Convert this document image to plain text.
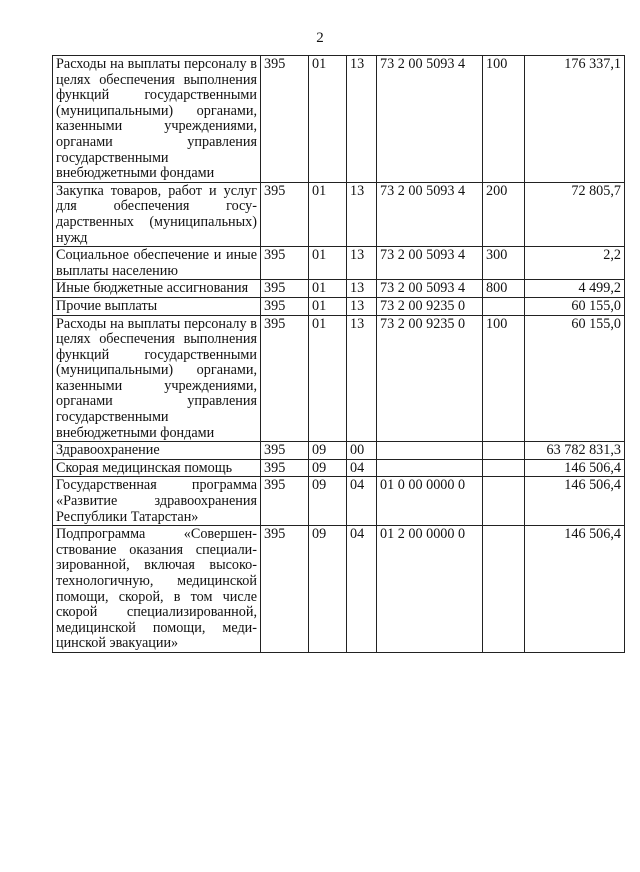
2
Расходы на выплаты персоналу в целях обеспечения выполнения функций государственными (муниципальными) органами, казенными учреждениями, органами управления государственными внебюджетными фондами	395	01	13	73 2 00 5093 4	100	176 337,1
Закупка товаров, работ и услуг для обеспечения государственных (муниципальных) нужд	395	01	13	73 2 00 5093 4	200	72 805,7
Социальное обеспечение и иные выплаты населению	395	01	13	73 2 00 5093 4	300	2,2
Иные бюджетные ассигнования	395	01	13	73 2 00 5093 4	800	4 499,2
Прочие выплаты	395	01	13	73 2 00 9235 0		60 155,0
Расходы на выплаты персоналу в целях обеспечения выполнения функций государственными (муниципальными) органами, казенными учреждениями, органами управления государственными внебюджетными фондами	395	01	13	73 2 00 9235 0	100	60 155,0
Здравоохранение	395	09	00			63 782 831,3
Скорая медицинская помощь	395	09	04			146 506,4
Государственная программа «Развитие здравоохранения Республики Татарстан»	395	09	04	01 0 00 0000 0		146 506,4
Подпрограмма «Совершенствование оказания специализированной, включая высокотехнологичную, медицинской помощи, скорой, в том числе скорой специализированной, медицинской помощи, медицинской эвакуации»	395	09	04	01 2 00 0000 0		146 506,4
